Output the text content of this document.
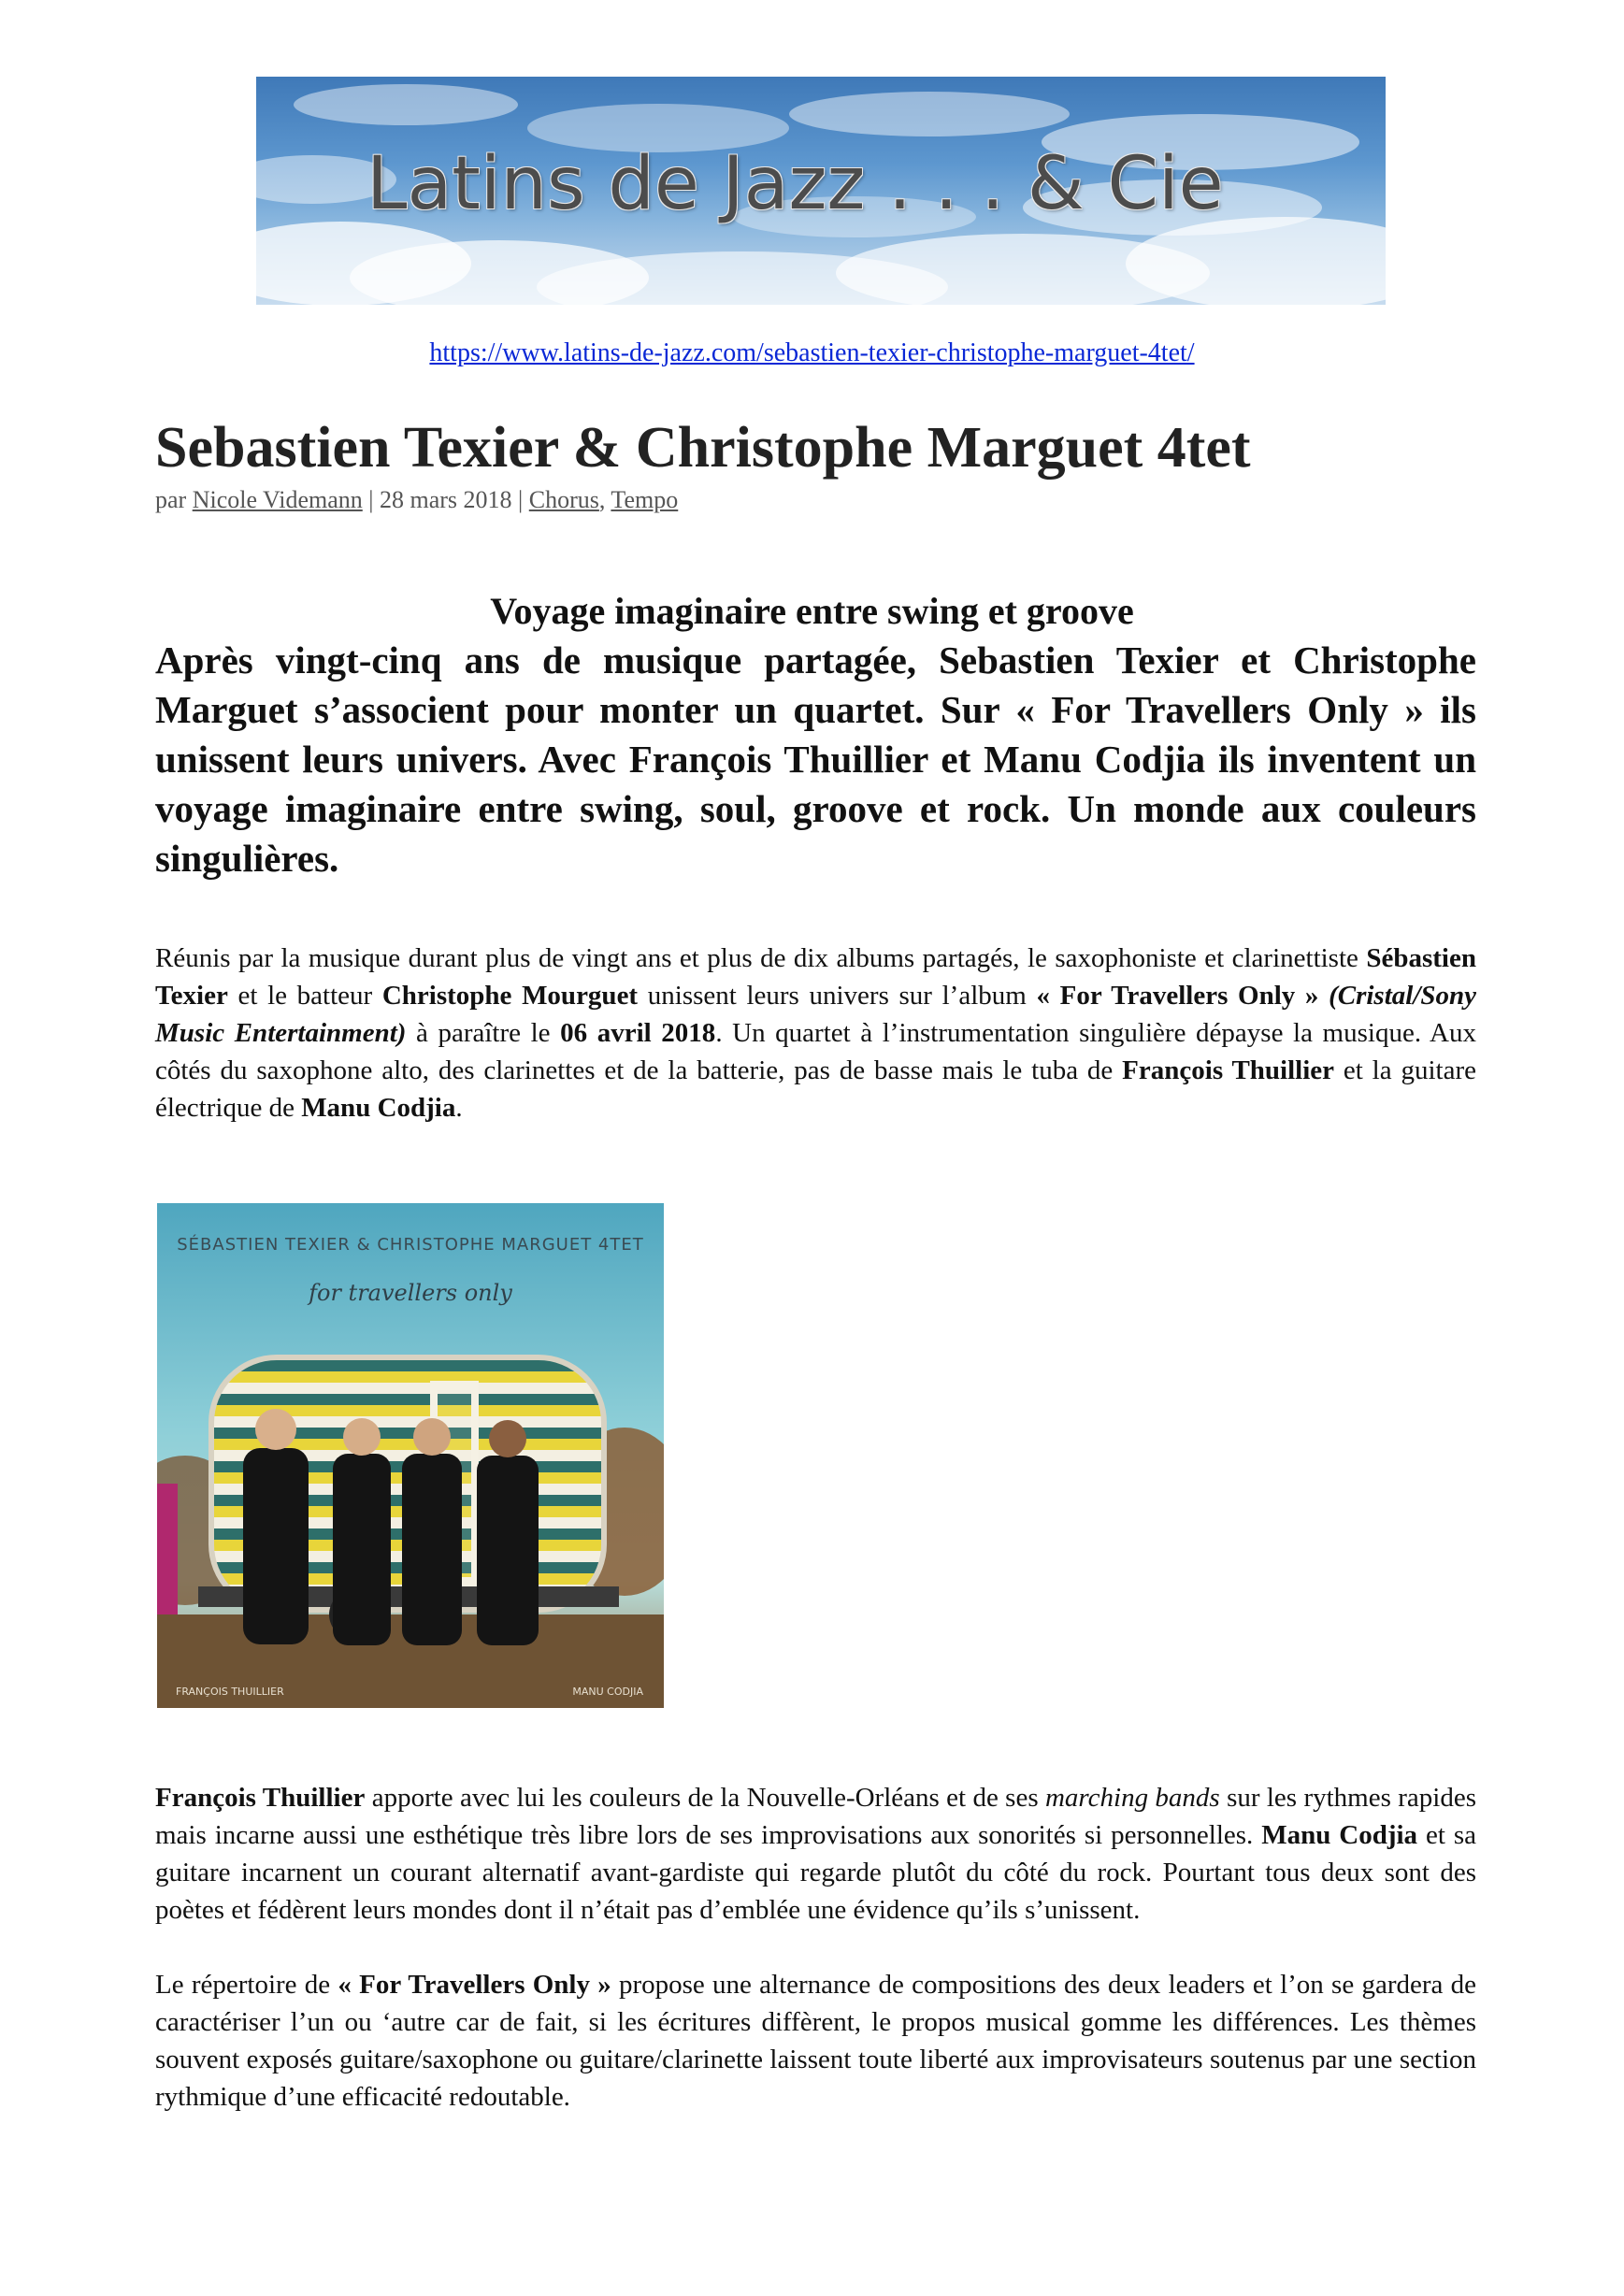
Latins de Jazz . . . & Cie
https://www.latins-de-jazz.com/sebastien-texier-christophe-marguet-4tet/
Sebastien Texier & Christophe Marguet 4tet
par Nicole Videmann | 28 mars 2018 | Chorus, Tempo
Voyage imaginaire entre swing et groove

Après vingt-cinq ans de musique partagée, Sebastien Texier et Christophe Marguet s’associent pour monter un quartet. Sur « For Travellers Only » ils unissent leurs univers. Avec François Thuillier et Manu Codjia ils inventent un voyage imaginaire entre swing, soul, groove et rock. Un monde aux couleurs singulières.

Réunis par la musique durant plus de vingt ans et plus de dix albums partagés, le saxophoniste et clarinettiste Sébastien Texier et le batteur Christophe Mourguet unissent leurs univers sur l’album « For Travellers Only » (Cristal/Sony Music Entertainment) à paraître le 06 avril 2018. Un quartet à l’instrumentation singulière dépayse la musique. Aux côtés du saxophone alto, des clarinettes et de la batterie, pas de basse mais le tuba de François Thuillier et la guitare électrique de Manu Codjia.

SÉBASTIEN TEXIER & CHRISTOPHE MARGUET 4TET
for travellers only
FRANÇOIS THUILLIER	MANU CODJIA

François Thuillier apporte avec lui les couleurs de la Nouvelle-Orléans et de ses marching bands sur les rythmes rapides mais incarne aussi une esthétique très libre lors de ses improvisations aux sonorités si personnelles. Manu Codjia et sa guitare incarnent un courant alternatif avant-gardiste qui regarde plutôt du côté du rock. Pourtant tous deux sont des poètes et fédèrent leurs mondes dont il n’était pas d’emblée une évidence qu’ils s’unissent.

Le répertoire de « For Travellers Only » propose une alternance de compositions des deux leaders et l’on se gardera de caractériser l’un ou ‘autre car de fait, si les écritures diffèrent, le propos musical gomme les différences. Les thèmes souvent exposés guitare/saxophone ou guitare/clarinette laissent toute liberté aux improvisateurs soutenus par une section rythmique d’une efficacité redoutable.
